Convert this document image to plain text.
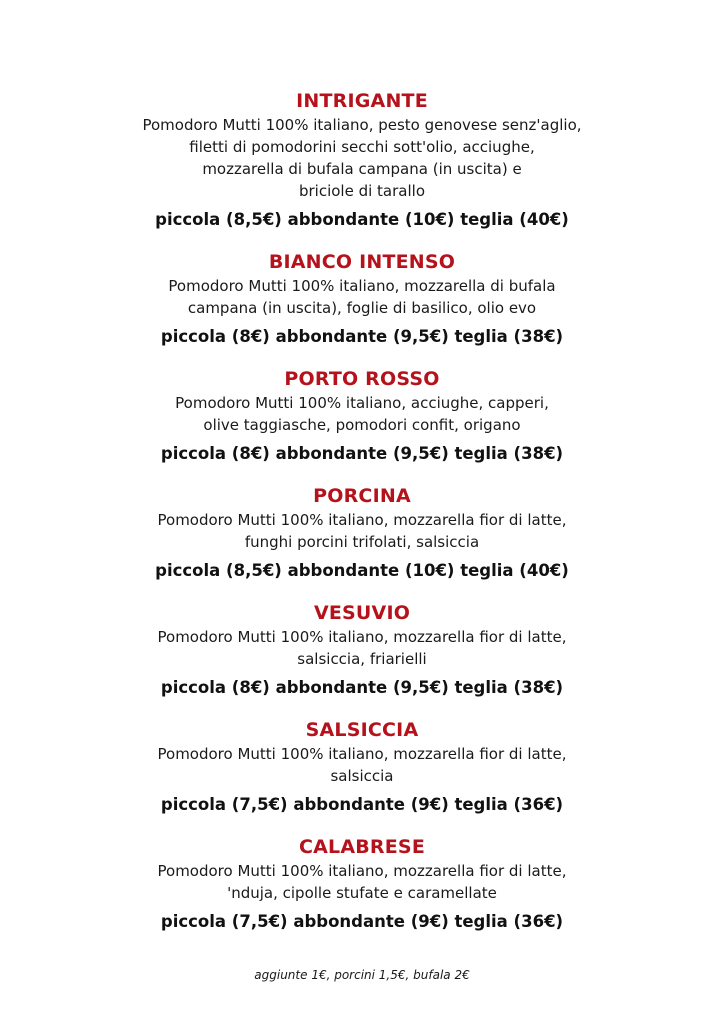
INTRIGANTE
Pomodoro Mutti 100% italiano, pesto genovese senz'aglio,
filetti di pomodorini secchi sott'olio, acciughe,
mozzarella di bufala campana (in uscita) e
briciole di tarallo
piccola (8,5€) abbondante (10€) teglia (40€)
BIANCO INTENSO
Pomodoro Mutti 100% italiano, mozzarella di bufala
campana (in uscita), foglie di basilico, olio evo
piccola (8€) abbondante (9,5€) teglia (38€)
PORTO ROSSO
Pomodoro Mutti 100% italiano, acciughe, capperi,
olive taggiasche, pomodori confit, origano
piccola (8€) abbondante (9,5€) teglia (38€)
PORCINA
Pomodoro Mutti 100% italiano, mozzarella fior di latte,
funghi porcini trifolati, salsiccia
piccola (8,5€) abbondante (10€) teglia (40€)
VESUVIO
Pomodoro Mutti 100% italiano, mozzarella fior di latte,
salsiccia, friarielli
piccola (8€) abbondante (9,5€) teglia (38€)
SALSICCIA
Pomodoro Mutti 100% italiano, mozzarella fior di latte,
salsiccia
piccola (7,5€) abbondante (9€) teglia (36€)
CALABRESE
Pomodoro Mutti 100% italiano, mozzarella fior di latte,
'nduja, cipolle stufate e caramellate
piccola (7,5€) abbondante (9€) teglia (36€)
aggiunte 1€, porcini 1,5€, bufala 2€
